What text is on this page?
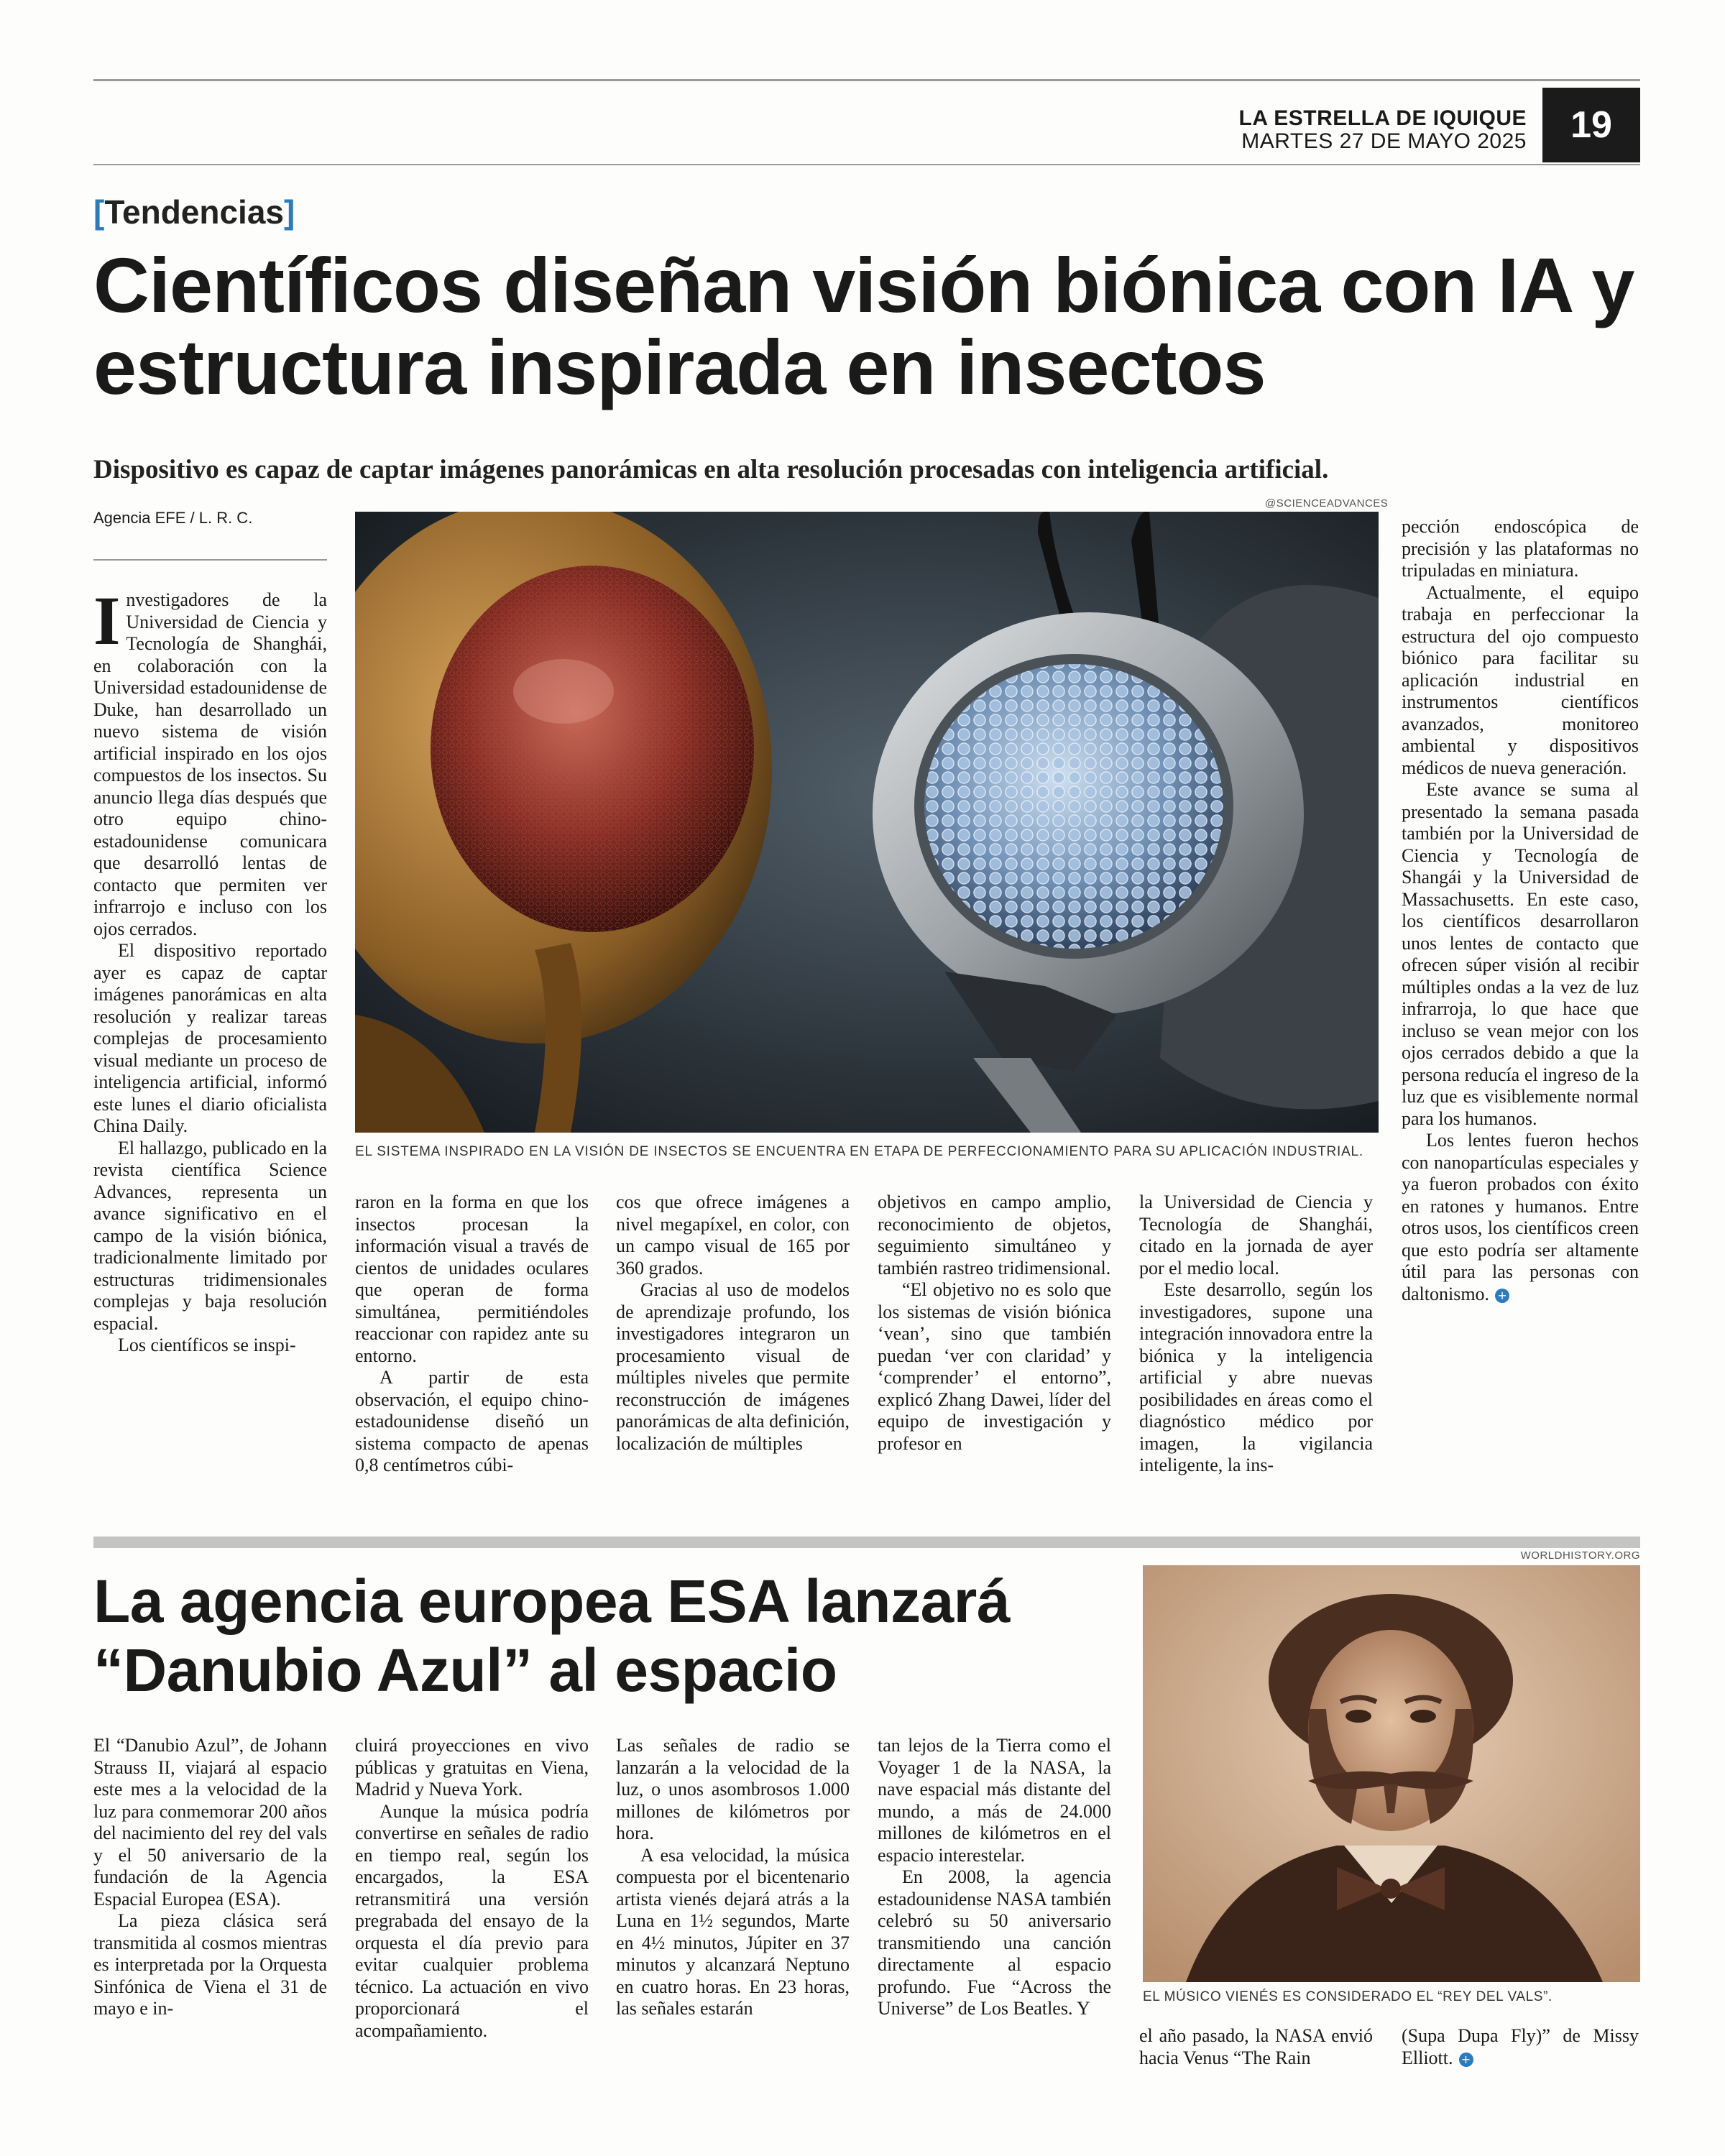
LA ESTRELLA DE IQUIQUE
MARTES 27 DE MAYO 2025	19
[Tendencias]
Científicos diseñan visión biónica con IA y estructura inspirada en insectos
Dispositivo es capaz de captar imágenes panorámicas en alta resolución procesadas con inteligencia artificial.
Agencia EFE / L. R. C.
@SCIENCEADVANCES
EL SISTEMA INSPIRADO EN LA VISIÓN DE INSECTOS SE ENCUENTRA EN ETAPA DE PERFECCIONAMIENTO PARA SU APLICACIÓN INDUSTRIAL.

Investigadores de la Universidad de Ciencia y Tecnología de Shanghái, en colaboración con la Universidad estadounidense de Duke, han desarrollado un nuevo sistema de visión artificial inspirado en los ojos compuestos de los insectos. Su anuncio llega días después que otro equipo chino-estadounidense comunicara que desarrolló lentas de contacto que permiten ver infrarrojo e incluso con los ojos cerrados.

El dispositivo reportado ayer es capaz de captar imágenes panorámicas en alta resolución y realizar tareas complejas de procesamiento visual mediante un proceso de inteligencia artificial, informó este lunes el diario oficialista China Daily.

El hallazgo, publicado en la revista científica Science Advances, representa un avance significativo en el campo de la visión biónica, tradicionalmente limitado por estructuras tridimensionales complejas y baja resolución espacial.

Los científicos se inspi-

raron en la forma en que los insectos procesan la información visual a través de cientos de unidades oculares que operan de forma simultánea, permitiéndoles reaccionar con rapidez ante su entorno.

A partir de esta observación, el equipo chino-estadounidense diseñó un sistema compacto de apenas 0,8 centímetros cúbi-

cos que ofrece imágenes a nivel megapíxel, en color, con un campo visual de 165 por 360 grados.

Gracias al uso de modelos de aprendizaje profundo, los investigadores integraron un procesamiento visual de múltiples niveles que permite reconstrucción de imágenes panorámicas de alta definición, localización de múltiples

objetivos en campo amplio, reconocimiento de objetos, seguimiento simultáneo y también rastreo tridimensional.

“El objetivo no es solo que los sistemas de visión biónica ‘vean’, sino que también puedan ‘ver con claridad’ y ‘comprender’ el entorno”, explicó Zhang Dawei, líder del equipo de investigación y profesor en

la Universidad de Ciencia y Tecnología de Shanghái, citado en la jornada de ayer por el medio local.

Este desarrollo, según los investigadores, supone una integración innovadora entre la biónica y la inteligencia artificial y abre nuevas posibilidades en áreas como el diagnóstico médico por imagen, la vigilancia inteligente, la ins-

pección endoscópica de precisión y las plataformas no tripuladas en miniatura.

Actualmente, el equipo trabaja en perfeccionar la estructura del ojo compuesto biónico para facilitar su aplicación industrial en instrumentos científicos avanzados, monitoreo ambiental y dispositivos médicos de nueva generación.

Este avance se suma al presentado la semana pasada también por la Universidad de Ciencia y Tecnología de Shangái y la Universidad de Massachusetts. En este caso, los científicos desarrollaron unos lentes de contacto que ofrecen súper visión al recibir múltiples ondas a la vez de luz infrarroja, lo que hace que incluso se vean mejor con los ojos cerrados debido a que la persona reducía el ingreso de la luz que es visiblemente normal para los humanos.

Los lentes fueron hechos con nanopartículas especiales y ya fueron probados con éxito en ratones y humanos. Entre otros usos, los científicos creen que esto podría ser altamente útil para las personas con daltonismo. +

La agencia europea ESA lanzará “Danubio Azul” al espacio
WORLDHISTORY.ORG
EL MÚSICO VIENÉS ES CONSIDERADO EL “REY DEL VALS”.

El “Danubio Azul”, de Johann Strauss II, viajará al espacio este mes a la velocidad de la luz para conmemorar 200 años del nacimiento del rey del vals y el 50 aniversario de la fundación de la Agencia Espacial Europea (ESA).

La pieza clásica será transmitida al cosmos mientras es interpretada por la Orquesta Sinfónica de Viena el 31 de mayo e in-

cluirá proyecciones en vivo públicas y gratuitas en Viena, Madrid y Nueva York.

Aunque la música podría convertirse en señales de radio en tiempo real, según los encargados, la ESA retransmitirá una versión pregrabada del ensayo de la orquesta el día previo para evitar cualquier problema técnico. La actuación en vivo proporcionará el acompañamiento.

Las señales de radio se lanzarán a la velocidad de la luz, o unos asombrosos 1.000 millones de kilómetros por hora.

A esa velocidad, la música compuesta por el bicentenario artista vienés dejará atrás a la Luna en 1½ segundos, Marte en 4½ minutos, Júpiter en 37 minutos y alcanzará Neptuno en cuatro horas. En 23 horas, las señales estarán

tan lejos de la Tierra como el Voyager 1 de la NASA, la nave espacial más distante del mundo, a más de 24.000 millones de kilómetros en el espacio interestelar.

En 2008, la agencia estadounidense NASA también celebró su 50 aniversario transmitiendo una canción directamente al espacio profundo. Fue “Across the Universe” de Los Beatles. Y

el año pasado, la NASA envió hacia Venus “The Rain

(Supa Dupa Fly)” de Missy Elliott. +
